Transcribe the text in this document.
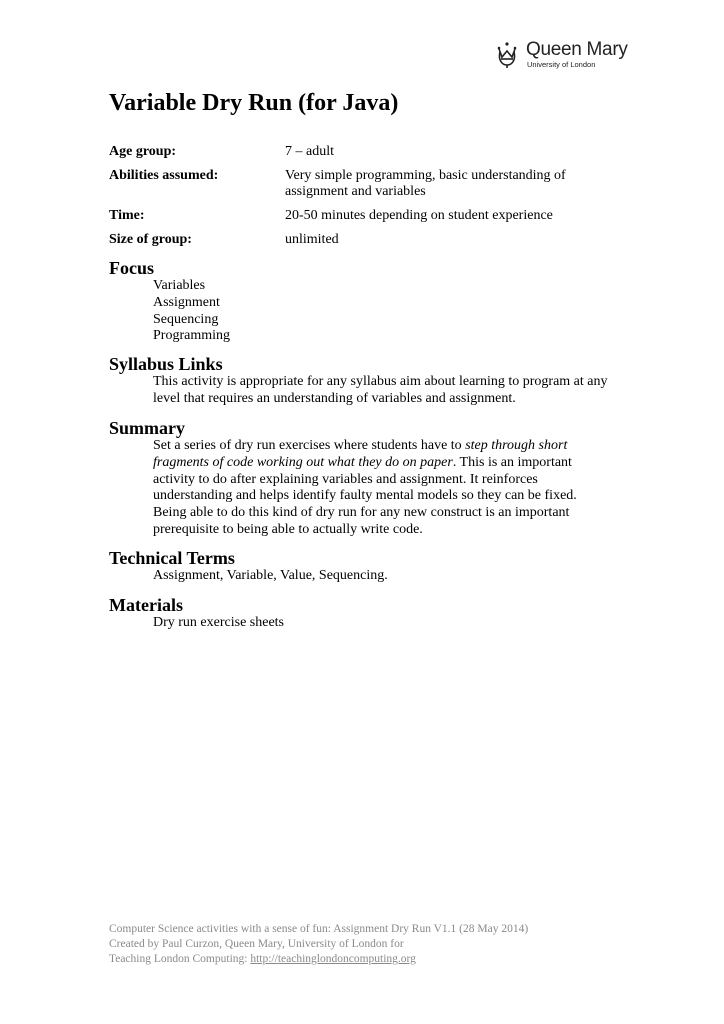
Queen Mary
University of London
Variable Dry Run (for Java)
Age group:	7 – adult
Abilities assumed:	Very simple programming, basic understanding of assignment and variables
Time:	20-50 minutes depending on student experience
Size of group:	unlimited
Focus
Variables
Assignment
Sequencing
Programming
Syllabus Links
This activity is appropriate for any syllabus aim about learning to program at any level that requires an understanding of variables and assignment.
Summary
Set a series of dry run exercises where students have to step through short fragments of code working out what they do on paper. This is an important activity to do after explaining variables and assignment. It reinforces understanding and helps identify faulty mental models so they can be fixed. Being able to do this kind of dry run for any new construct is an important prerequisite to being able to actually write code.
Technical Terms
Assignment, Variable, Value, Sequencing.
Materials
Dry run exercise sheets
Computer Science activities with a sense of fun: Assignment Dry Run V1.1 (28 May 2014)
Created by Paul Curzon, Queen Mary, University of London for
Teaching London Computing: http://teachinglondoncomputing.org
